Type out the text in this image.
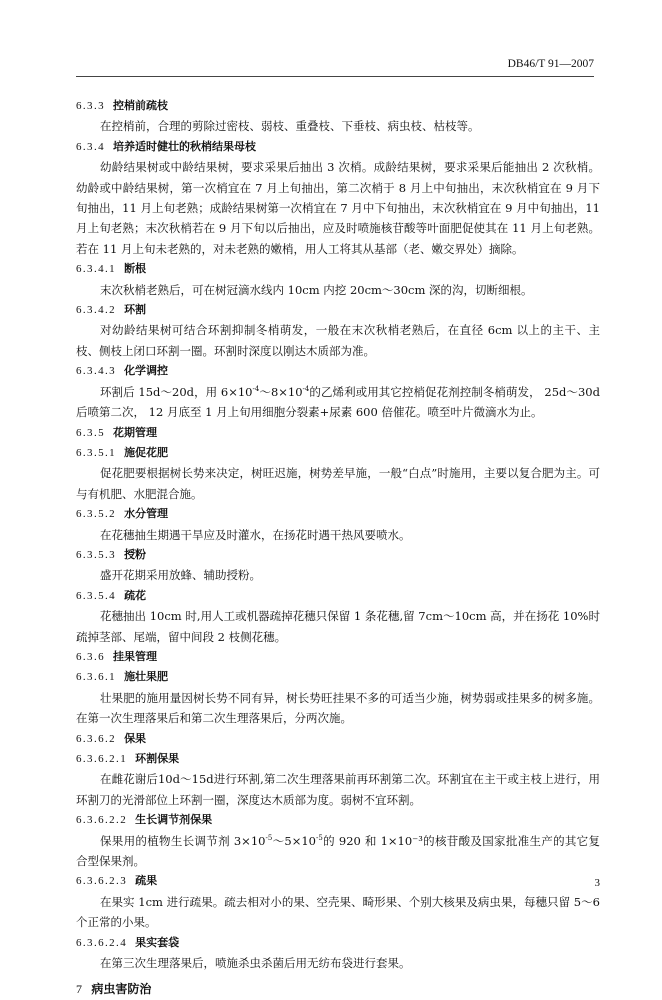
DB46/T 91—2007

6.3.3 控梢前疏枝

在控梢前，合理的剪除过密枝、弱枝、重叠枝、下垂枝、病虫枝、枯枝等。

6.3.4 培养适时健壮的秋梢结果母枝

幼龄结果树或中龄结果树，要求采果后抽出 3 次梢。成龄结果树，要求采果后能抽出 2 次秋梢。幼龄或中龄结果树，第一次梢宜在 7 月上旬抽出，第二次梢于 8 月上中旬抽出，末次秋梢宜在 9 月下旬抽出，11 月上旬老熟；成龄结果树第一次梢宜在 7 月中下旬抽出，末次秋梢宜在 9 月中旬抽出，11 月上旬老熟；末次秋梢若在 9 月下旬以后抽出，应及时喷施核苷酸等叶面肥促使其在 11 月上旬老熟。若在 11 月上旬未老熟的，对未老熟的嫩梢，用人工将其从基部（老、嫩交界处）摘除。

6.3.4.1 断根

末次秋梢老熟后，可在树冠滴水线内 10cm 内挖 20cm～30cm 深的沟，切断细根。

6.3.4.2 环割

对幼龄结果树可结合环割抑制冬梢萌发，一般在末次秋梢老熟后，在直径 6cm 以上的主干、主枝、侧枝上闭口环割一圈。环割时深度以刚达木质部为准。

6.3.4.3 化学调控

环割后 15d～20d，用 $6\times 10^{-4}\sim 8\times 10^{-4}$的乙烯利或用其它控梢促花剂控制冬梢萌发， 25d～30d后喷第二次， 12 月底至 1 月上旬用细胞分裂素+尿素 600 倍催花。喷至叶片微滴水为止。

6.3.5 花期管理

6.3.5.1 施促花肥

促花肥要根据树长势来决定，树旺迟施，树势差早施，一般“白点”时施用，主要以复合肥为主。可与有机肥、水肥混合施。

6.3.5.2 水分管理

在花穗抽生期遇干旱应及时灌水，在扬花时遇干热风要喷水。

6.3.5.3 授粉

盛开花期采用放蜂、辅助授粉。

6.3.5.4 疏花

花穗抽出 10cm 时,用人工或机器疏掉花穗只保留 1 条花穗,留 7cm～10cm 高，并在扬花 10%时疏掉茎部、尾端，留中间段 2 枝侧花穗。

6.3.6 挂果管理

6.3.6.1 施壮果肥

壮果肥的施用量因树长势不同有异，树长势旺挂果不多的可适当少施，树势弱或挂果多的树多施。在第一次生理落果后和第二次生理落果后，分两次施。

6.3.6.2 保果

6.3.6.2.1 环割保果

在雌花谢后10d～15d进行环割,第二次生理落果前再环割第二次。环割宜在主干或主枝上进行，用环割刀的光滑部位上环割一圈，深度达木质部为度。弱树不宜环割。

6.3.6.2.2 生长调节剂保果

保果用的植物生长调节剂 $3\times 10^{-5}\sim 5\times 10^{-5}$的 920 和 1×10⁻³的核苷酸及国家批准生产的其它复合型保果剂。

6.3.6.2.3 疏果

在果实 1cm 进行疏果。疏去相对小的果、空壳果、畸形果、个别大核果及病虫果，每穗只留 5～6 个正常的小果。

6.3.6.2.4 果实套袋

在第三次生理落果后，喷施杀虫杀菌后用无纺布袋进行套果。

7 病虫害防治

3
